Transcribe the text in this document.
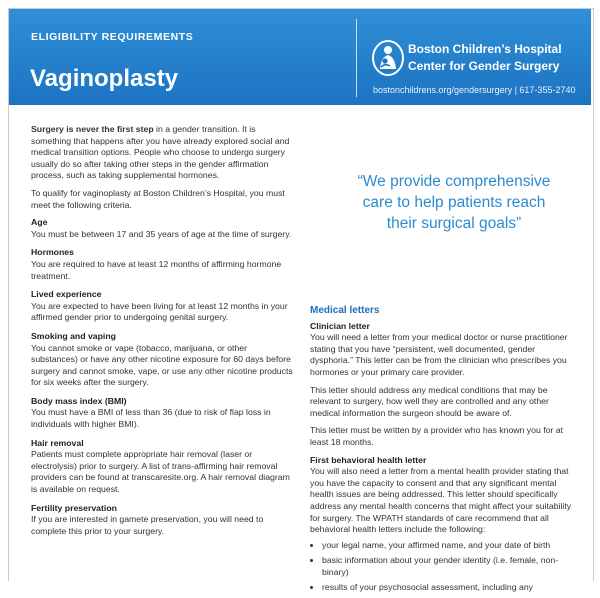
ELIGIBILITY REQUIREMENTS
Vaginoplasty
Boston Children’s Hospital
Center for Gender Surgery
bostonchildrens.org/gendersurgery | 617-355-2740

Surgery is never the first step in a gender transition. It is something that happens after you have already explored social and medical transition options. People who choose to undergo surgery usually do so after taking other steps in the gender affirmation process, such as taking supplemental hormones.

To qualify for vaginoplasty at Boston Children’s Hospital, you must meet the following criteria.

Age
You must be between 17 and 35 years of age at the time of surgery.
Hormones
You are required to have at least 12 months of affirming hormone treatment.
Lived experience
You are expected to have been living for at least 12 months in your affirmed gender prior to undergoing genital surgery.
Smoking and vaping
You cannot smoke or vape (tobacco, marijuana, or other substances) or have any other nicotine exposure for 60 days before surgery and cannot smoke, vape, or use any other nicotine products for six weeks after the surgery.
Body mass index (BMI)
You must have a BMI of less than 36 (due to risk of flap loss in individuals with higher BMI).
Hair removal
Patients must complete appropriate hair removal (laser or electrolysis) prior to surgery. A list of trans-affirming hair removal providers can be found at transcaresite.org. A hair removal diagram is available on request.
Fertility preservation
If you are interested in gamete preservation, you will need to complete this prior to your surgery.
“We provide comprehensive care to help patients reach their surgical goals”
Medical letters
Clinician letter

You will need a letter from your medical doctor or nurse practitioner stating that you have “persistent, well documented, gender dysphoria.” This letter can be from the clinician who prescribes you hormones or your primary care provider.

This letter should address any medical conditions that may be relevant to surgery, how well they are controlled and any other medical information the surgeon should be aware of.

This letter must be written by a provider who has known you for at least 18 months.

First behavioral health letter
You will also need a letter from a mental health provider stating that you have the capacity to consent and that any significant mental health issues are being addressed. This letter should specifically address any mental health concerns that might affect your suitability for surgery. The WPATH standards of care recommend that all behavioral health letters include the following:
• your legal name, your affirmed name, and your date of birth
• basic information about your gender identity (i.e. female, non-binary)
• results of your psychosocial assessment, including any
